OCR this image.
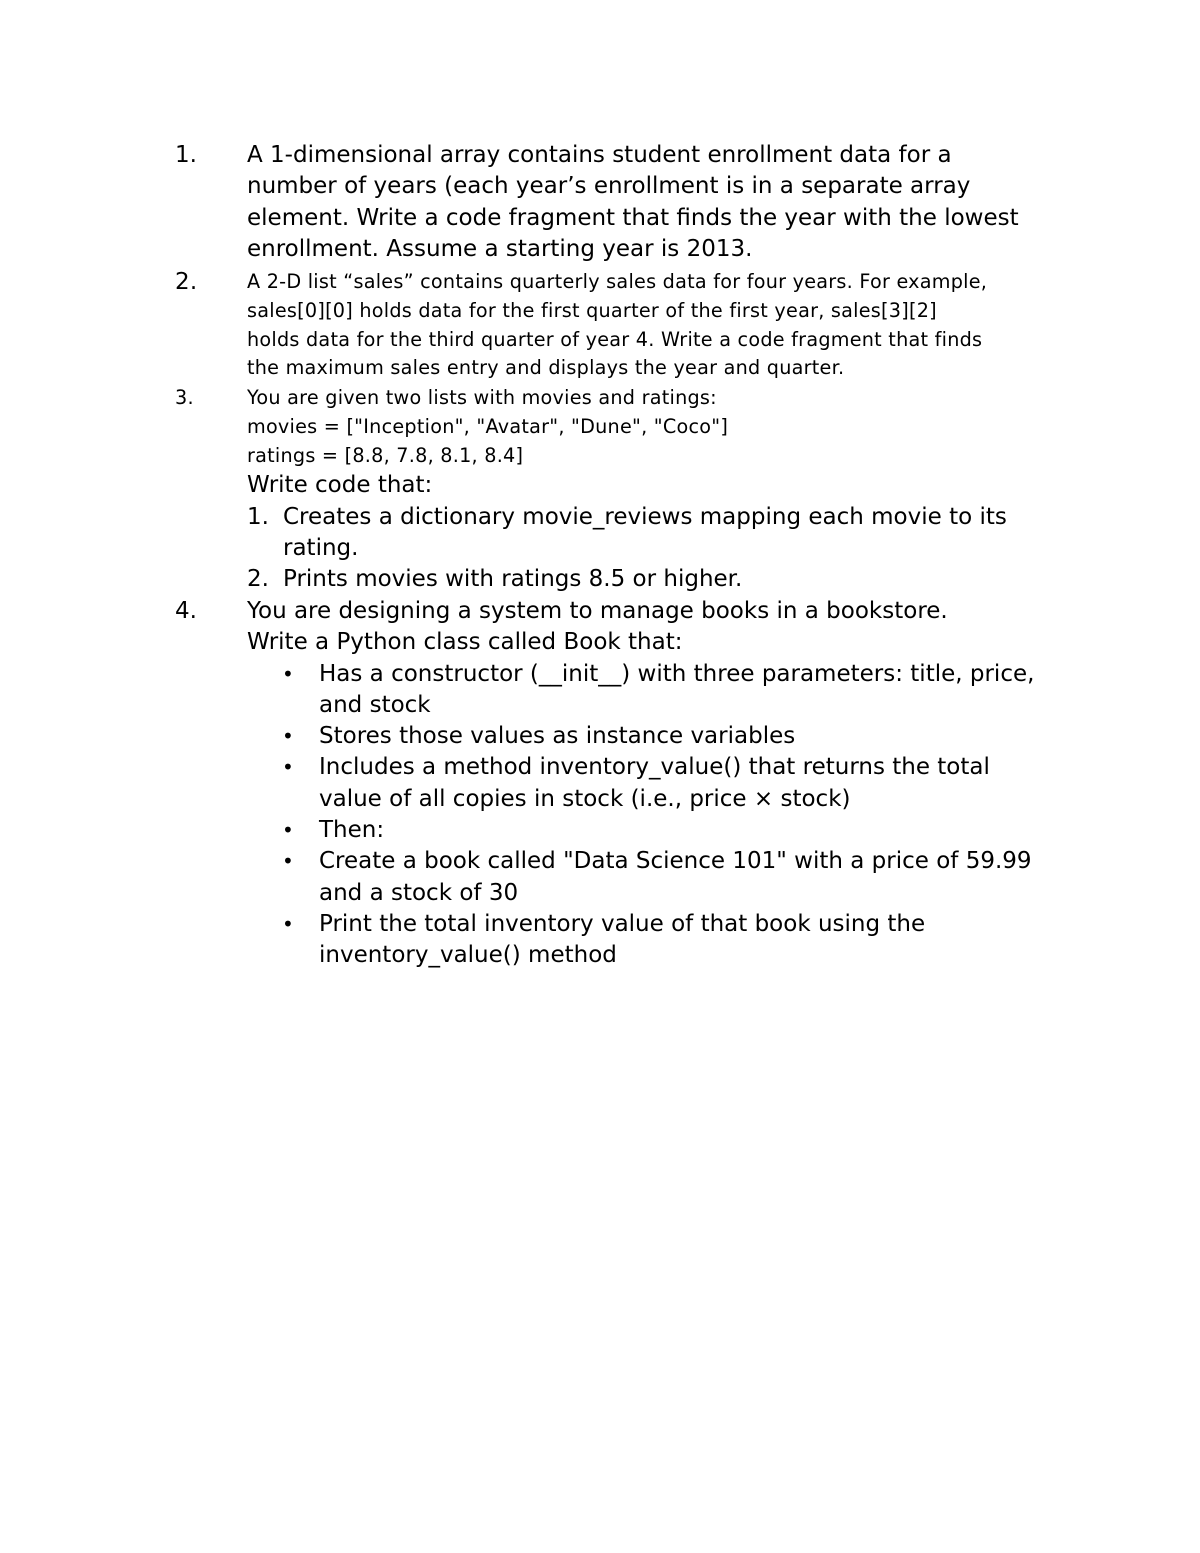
1. A 1-dimensional array contains student enrollment data for a
number of years (each year’s enrollment is in a separate array
element. Write a code fragment that finds the year with the lowest
enrollment. Assume a starting year is 2013.
2.	A 2-D list “sales” contains quarterly sales data for four years. For example,
sales[0][0] holds data for the first quarter of the first year, sales[3][2]
holds data for the third quarter of year 4. Write a code fragment that finds
the maximum sales entry and displays the year and quarter.
3.	You are given two lists with movies and ratings:
movies = ["Inception", "Avatar", "Dune", "Coco"]
ratings = [8.8, 7.8, 8.1, 8.4]
Write code that:
1. Creates a dictionary movie_reviews mapping each movie to its
rating.
2. Prints movies with ratings 8.5 or higher.
4. You are designing a system to manage books in a bookstore.
Write a Python class called Book that:
• Has a constructor (__init__) with three parameters: title, price,
and stock
• Stores those values as instance variables
• Includes a method inventory_value() that returns the total
value of all copies in stock (i.e., price × stock)
• Then:
• Create a book called "Data Science 101" with a price of 59.99
and a stock of 30
• Print the total inventory value of that book using the
inventory_value() method
